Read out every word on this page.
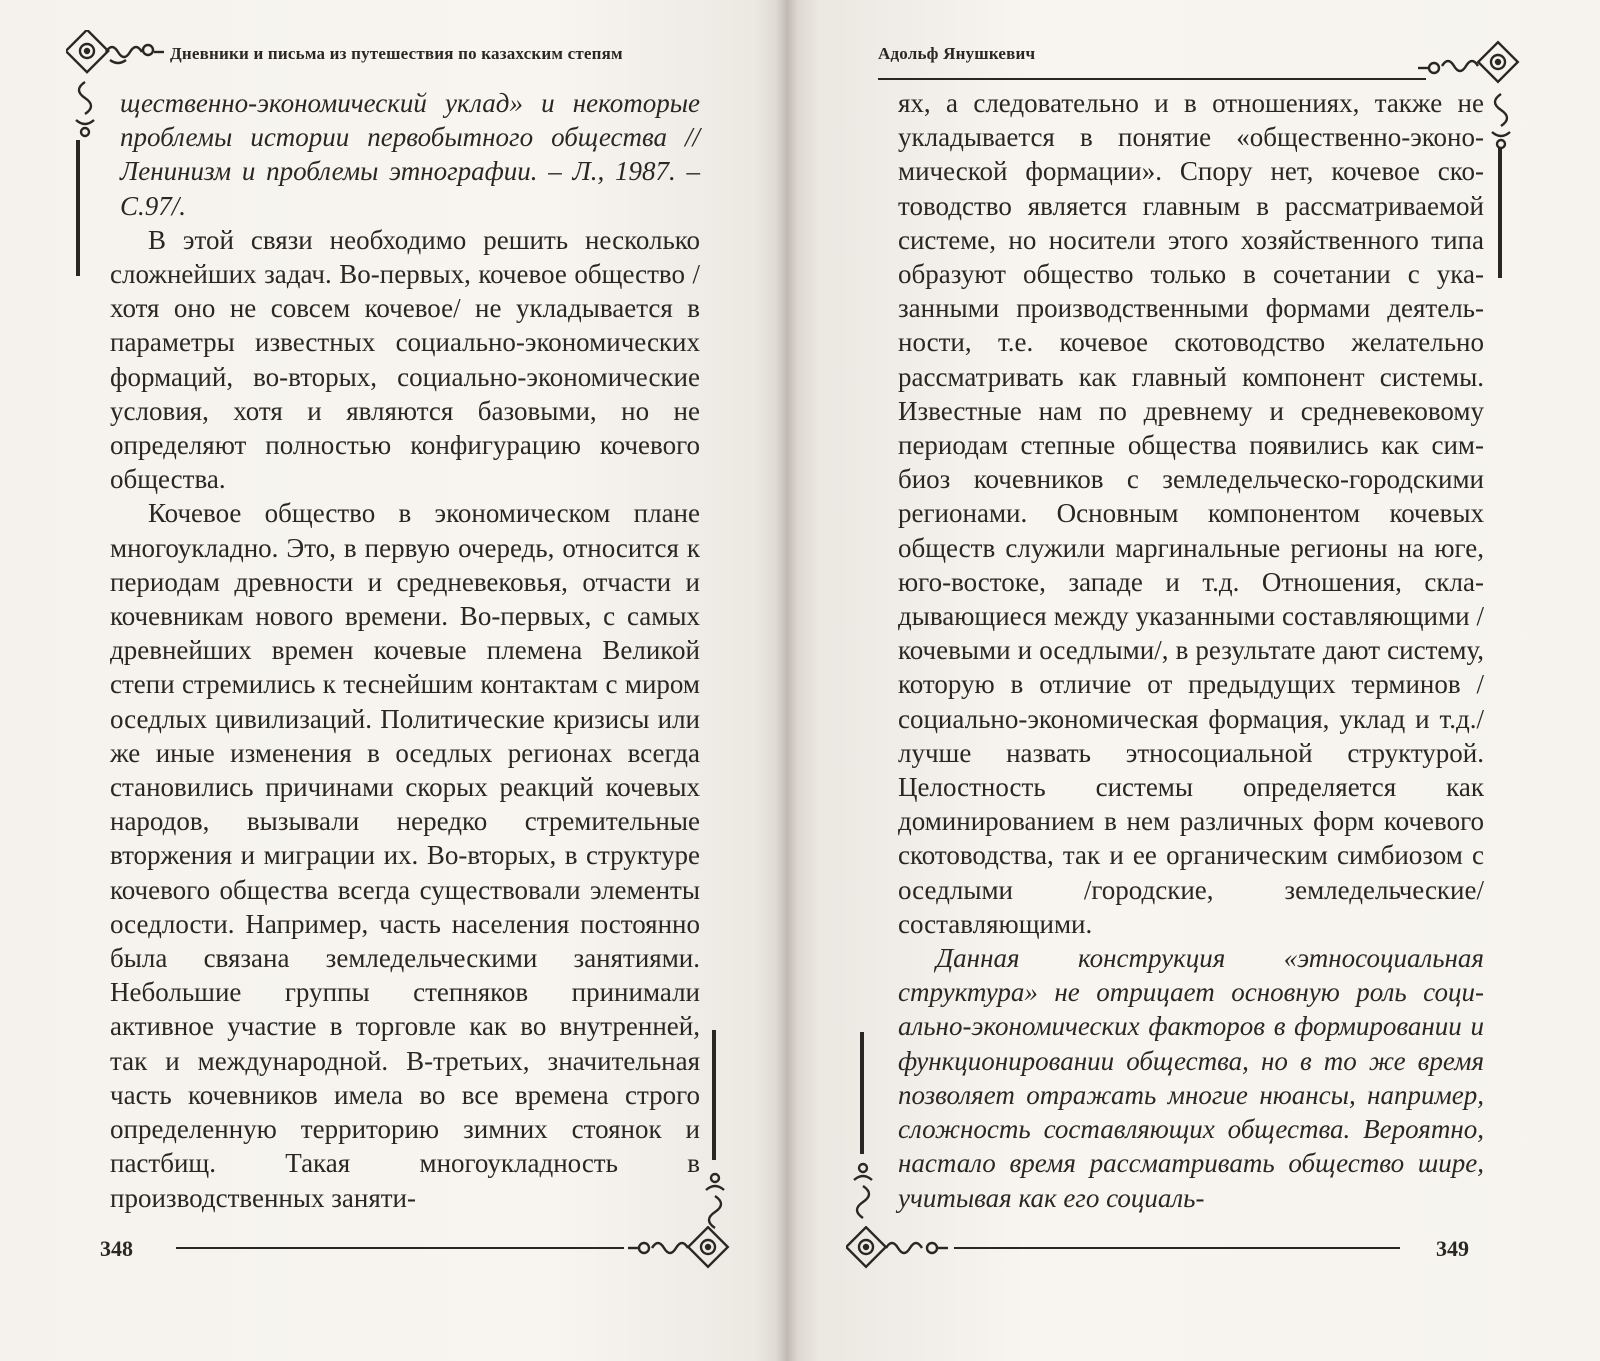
Дневники и письма из путешествия по казахским степям

щественно-экономический уклад» и некоторые проблемы истории первобытного общества // Ленинизм и проблемы этнографии. – Л., 1987. – С.97/.

В этой связи необходимо решить несколько сложнейших задач. Во-первых, кочевое общество /хотя оно не совсем кочевое/ не укладывается в параметры известных социально-экономических формаций, во-вторых, социально-экономические условия, хотя и являются базовыми, но не определяют полностью конфигурацию кочевого общества.

Кочевое общество в экономическом плане многоукладно. Это, в первую очередь, относится к периодам древности и средневековья, отчасти и кочевникам нового времени. Во-первых, с самых древнейших времен кочевые племена Великой степи стремились к теснейшим контактам с миром оседлых цивилизаций. Политические кризисы или же иные изменения в оседлых регионах всегда становились причинами скорых реакций кочевых народов, вызывали нередко стремительные вторжения и миграции их. Во-вторых, в структуре кочевого общества всегда существовали элементы оседлости. Например, часть населения постоянно была связана земледельческими занятиями. Небольшие группы степняков принимали активное участие в торговле как во внутренней, так и международной. В-третьих, значительная часть кочевников имела во все времена строго определенную территорию зимних стоянок и пастбищ. Такая многоукладность в производственных заняти-

348
Адольф Янушкевич

ях, а следовательно и в отношениях, также не укладывается в понятие «общественно-экономической формации». Спору нет, кочевое скотоводство является главным в рассматриваемой системе, но носители этого хозяйственного типа образуют общество только в сочетании с указанными производственными формами деятельности, т.е. кочевое скотоводство желательно рассматривать как главный компонент системы. Известные нам по древнему и средневековому периодам степные общества появились как симбиоз кочевников с земледельческо-городскими регионами. Основным компонентом кочевых обществ служили маргинальные регионы на юге, юго-востоке, западе и т.д. Отношения, складывающиеся между указанными составляющими /кочевыми и оседлыми/, в результате дают систему, которую в отличие от предыдущих терминов /социально-экономическая формация, уклад и т.д./ лучше назвать этносоциальной структурой. Целостность системы определяется как доминированием в нем различных форм кочевого скотоводства, так и ее органическим симбиозом с оседлыми /городские, земледельческие/ составляющими.

Данная конструкция «этносоциальная структура» не отрицает основную роль социально-экономических факторов в формировании и функционировании общества, но в то же время позволяет отражать многие нюансы, например, сложность составляющих общества. Вероятно, настало время рассматривать общество шире, учитывая как его социаль-

349
